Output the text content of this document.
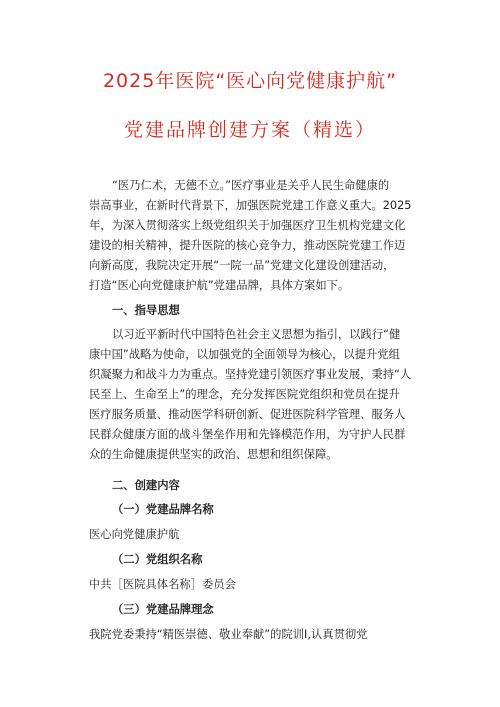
2025年医院“医心向党健康护航”
党建品牌创建方案（精选）
“医乃仁术，无德不立。”医疗事业是关乎人民生命健康的
崇高事业，在新时代背景下，加强医院党建工作意义重大。2025
年，为深入贯彻落实上级党组织关于加强医疗卫生机构党建文化
建设的相关精神，提升医院的核心竞争力，推动医院党建工作迈
向新高度，我院决定开展“一院一品”党建文化建设创建活动，
打造“医心向党健康护航”党建品牌，具体方案如下。
一、指导思想
以习近平新时代中国特色社会主义思想为指引，以践行“健
康中国”战略为使命，以加强党的全面领导为核心，以提升党组
织凝聚力和战斗力为重点。坚持党建引领医疗事业发展，秉持“人
民至上、生命至上”的理念，充分发挥医院党组织和党员在提升
医疗服务质量、推动医学科研创新、促进医院科学管理、服务人
民群众健康方面的战斗堡垒作用和先锋模范作用，为守护人民群
众的生命健康提供坚实的政治、思想和组织保障。
二、创建内容
（一）党建品牌名称
医心向党健康护航
（二）党组织名称
中共［医院具体名称］委员会
（三）党建品牌理念
我院党委秉持“精医崇德、敬业奉献”的院训I,认真贯彻党
